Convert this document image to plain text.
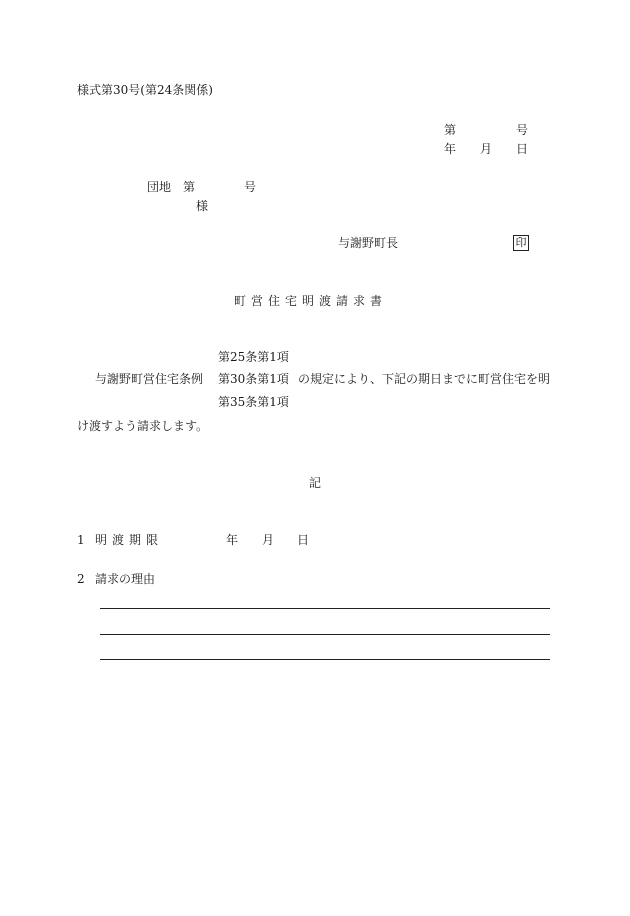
様式第30号(第24条関係)
第	号
年 月 日
団地 第	号
様
与謝野町長	印
町営住宅明渡請求書
第25条第1項
与謝野町営住宅条例 第30条第1項 の規定により、下記の期日までに町営住宅を明
第35条第1項
け渡すよう請求します。
記
1 明渡期限	年 月 日
2 請求の理由
